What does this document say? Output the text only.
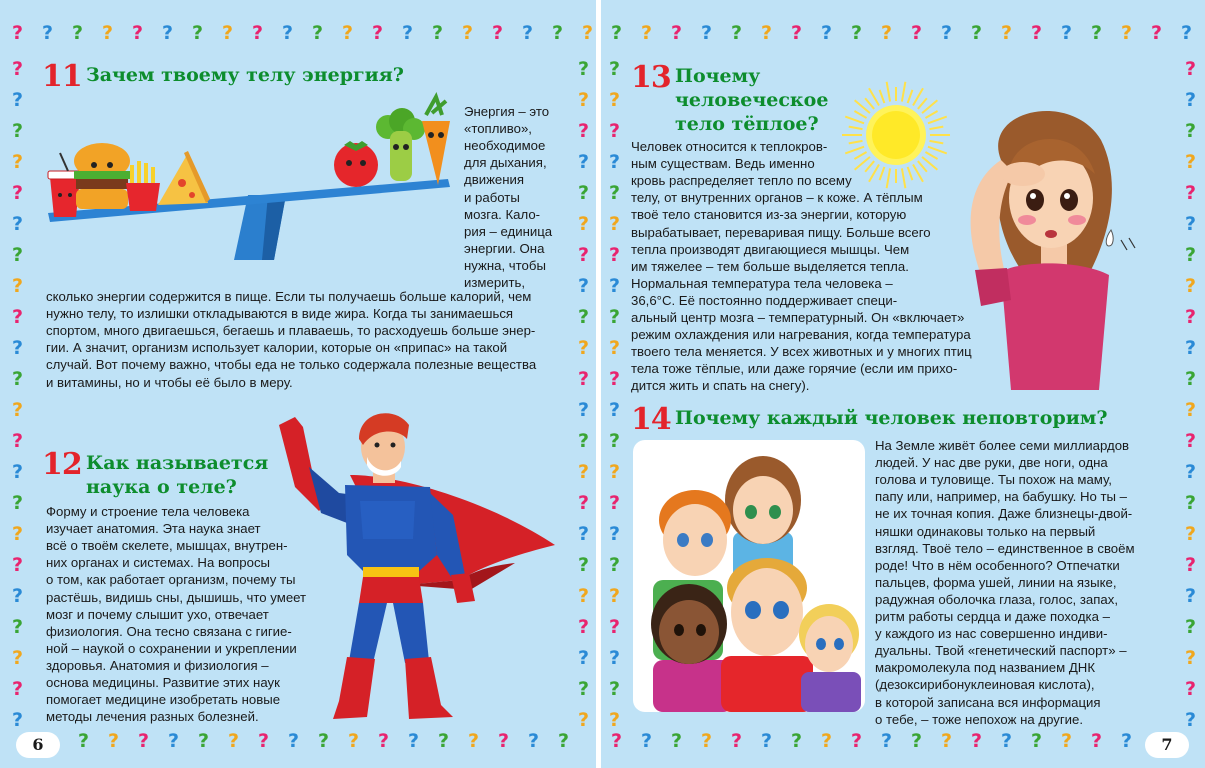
? ? ? ? ? ? ? ? ? ? ? ? ? ? ? ? ? ? ? ?
?	?
?	?
?	?
?	?
?	?
?	?
?	?
?	?
?	?
?	?
?	?
?	?
?	?
?	?
?	?
?	?
?	?
?	?
?	?
?	?
?	?
?	?
? ? ? ? ? ? ? ? ? ? ? ? ? ? ? ? ?
11 Зачем твоему телу энергия?

Энергия – это

«топливо»,

необходимое

для дыхания,

движения

и работы

мозга. Кало-

рия – единица

энергии. Она

нужна, чтобы

измерить,

сколько энергии содержится в пище. Если ты получаешь больше калорий, чем

нужно телу, то излишки откладываются в виде жира. Когда ты занимаешься

спортом, много двигаешься, бегаешь и плаваешь, то расходуешь больше энер-

гии. А значит, организм использует калории, которые он «припас» на такой

случай. Вот почему важно, чтобы еда не только содержала полезные вещества

и витамины, но и чтобы её было в меру.

12 Как называется

наука о теле?

Форму и строение тела человека

изучает анатомия. Эта наука знает

всё о твоём скелете, мышцах, внутрен-

них органах и системах. На вопросы

о том, как работает организм, почему ты

растёшь, видишь сны, дышишь, что умеет

мозг и почему слышит ухо, отвечает

физиология. Она тесно связана с гигие-

ной – наукой о сохранении и укреплении

здоровья. Анатомия и физиология –

основа медицины. Развитие этих наук

помогает медицине изобретать новые

методы лечения разных болезней.

6
? ? ? ? ? ? ? ? ? ? ? ? ? ? ? ? ? ? ? ?
?	?
?	?
?	?
?	?
?	?
?	?
?	?
?	?
?	?
?	?
?	?
?	?
?	?
?	?
?	?
?	?
?	?
?	?
?	?
?	?
?	?
?	?
? ? ? ? ? ? ? ? ? ? ? ? ? ? ? ? ? ?
13 Почему

человеческое

тело тёплое?

Человек относится к теплокров-

ным существам. Ведь именно

кровь распределяет тепло по всему

телу, от внутренних органов – к коже. А тёплым

твоё тело становится из-за энергии, которую

вырабатывает, переваривая пищу. Больше всего

тепла производят двигающиеся мышцы. Чем

им тяжелее – тем больше выделяется тепла.

Нормальная температура тела человека –

36,6°С. Её постоянно поддерживает специ-

альный центр мозга – температурный. Он «включает»

режим охлаждения или нагревания, когда температура

твоего тела меняется. У всех животных и у многих птиц

тела тоже тёплые, или даже горячие (если им прихо-

дится жить и спать на снегу).

14 Почему каждый человек неповторим?

На Земле живёт более семи миллиардов

людей. У нас две руки, две ноги, одна

голова и туловище. Ты похож на маму,

папу или, например, на бабушку. Но ты –

не их точная копия. Даже близнецы-двой-

няшки одинаковы только на первый

взгляд. Твоё тело – единственное в своём

роде! Что в нём особенного? Отпечатки

пальцев, форма ушей, линии на языке,

радужная оболочка глаза, голос, запах,

ритм работы сердца и даже походка –

у каждого из нас совершенно индиви-

дуальны. Твой «генетический паспорт» –

макромолекула под названием ДНК

(дезоксирибонуклеиновая кислота),

в которой записана вся информация

о тебе, – тоже непохож на другие.

7
